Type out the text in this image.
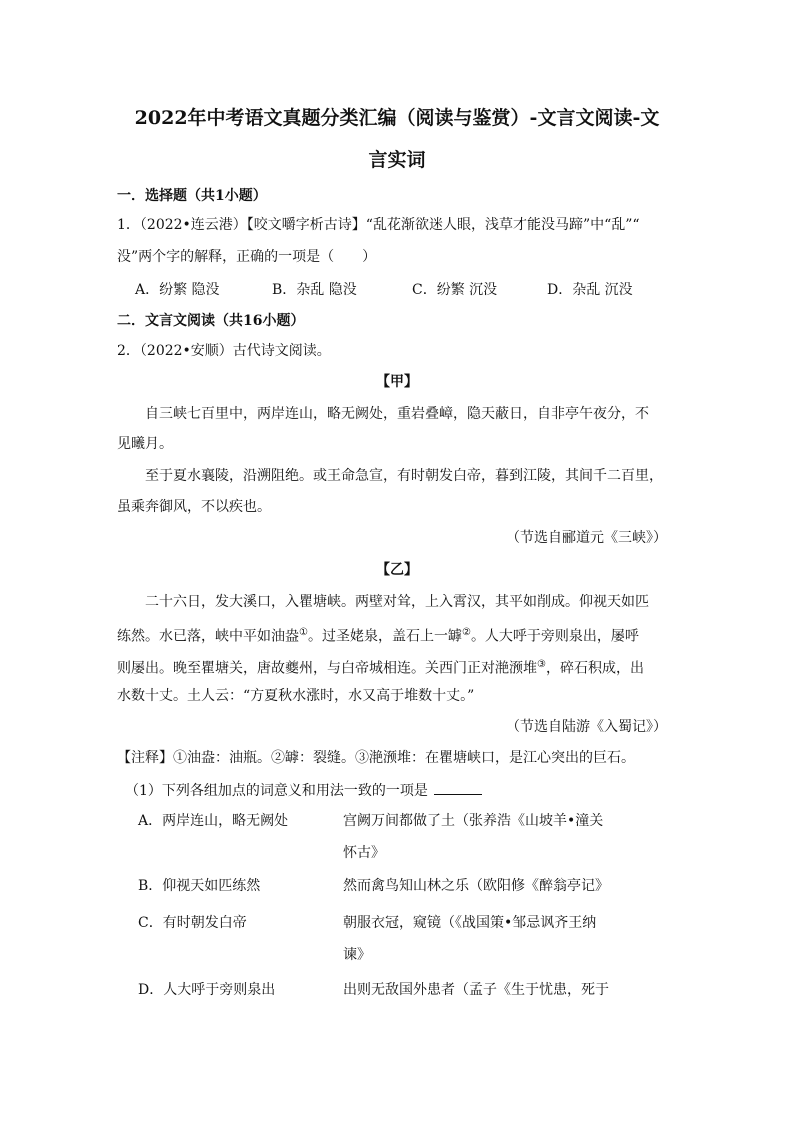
2022年中考语文真题分类汇编（阅读与鉴赏）-文言文阅读-文
言实词
一．选择题（共1小题）
1．（2022•连云港）【咬文嚼字析古诗】“乱花渐欲迷人眼，浅草才能没马蹄”中“乱”“
没”两个字的解释，正确的一项是（　　）
A．纷繁 隐没	B．杂乱 隐没	C．纷繁 沉没	D．杂乱 沉没
二．文言文阅读（共16小题）
2．（2022•安顺）古代诗文阅读。
【甲】
自三峡七百里中，两岸连山，略无阙处，重岩叠嶂，隐天蔽日，自非亭午夜分，不
见曦月。
至于夏水襄陵，沿溯阻绝。或王命急宣，有时朝发白帝，暮到江陵，其间千二百里，
虽乘奔御风，不以疾也。
（节选自郦道元《三峡》）
【乙】
二十六日，发大溪口，入瞿塘峡。两壁对耸，上入霄汉，其平如削成。仰视天如匹
练然。水已落，峡中平如油盎①。过圣姥泉，盖石上一罅②。人大呼于旁则泉出，屡呼
则屡出。晚至瞿塘关，唐故夔州，与白帝城相连。关西门正对滟滪堆③，碎石积成，出
水数十丈。土人云：“方夏秋水涨时，水又高于堆数十丈。”
（节选自陆游《入蜀记》）
【注释】①油盎：油瓶。②罅：裂缝。③滟滪堆：在瞿塘峡口，是江心突出的巨石。
（1）下列各组加点的词意义和用法一致的一项是
A．两岸连山，略无阙处	宫阙万间都做了土（张养浩《山坡羊•潼关
怀古》
B．仰视天如匹练然	然而禽鸟知山林之乐（欧阳修《醉翁亭记》
C．有时朝发白帝	朝服衣冠，窥镜（《战国策•邹忌讽齐王纳
谏》
D．人大呼于旁则泉出	出则无敌国外患者（孟子《生于忧患，死于
